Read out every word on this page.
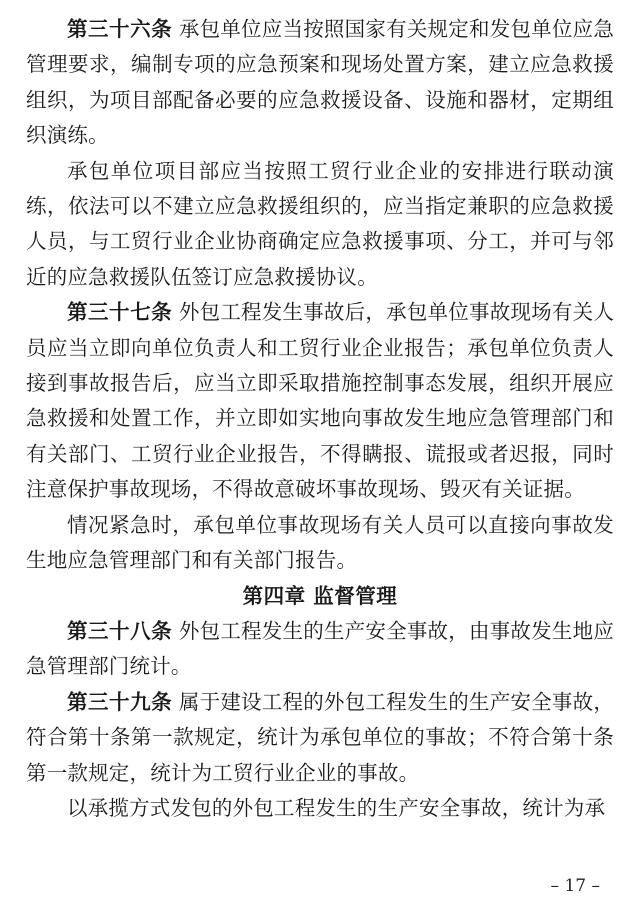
第三十六条 承包单位应当按照国家有关规定和发包单位应急管理要求，编制专项的应急预案和现场处置方案，建立应急救援组织，为项目部配备必要的应急救援设备、设施和器材，定期组织演练。

承包单位项目部应当按照工贸行业企业的安排进行联动演练，依法可以不建立应急救援组织的，应当指定兼职的应急救援人员，与工贸行业企业协商确定应急救援事项、分工，并可与邻近的应急救援队伍签订应急救援协议。

第三十七条 外包工程发生事故后，承包单位事故现场有关人员应当立即向单位负责人和工贸行业企业报告；承包单位负责人接到事故报告后，应当立即采取措施控制事态发展，组织开展应急救援和处置工作，并立即如实地向事故发生地应急管理部门和有关部门、工贸行业企业报告，不得瞒报、谎报或者迟报，同时注意保护事故现场，不得故意破坏事故现场、毁灭有关证据。

情况紧急时，承包单位事故现场有关人员可以直接向事故发生地应急管理部门和有关部门报告。

第四章 监督管理

第三十八条 外包工程发生的生产安全事故，由事故发生地应急管理部门统计。

第三十九条 属于建设工程的外包工程发生的生产安全事故，符合第十条第一款规定，统计为承包单位的事故；不符合第十条第一款规定，统计为工贸行业企业的事故。

以承揽方式发包的外包工程发生的生产安全事故，统计为承

– 17 –
